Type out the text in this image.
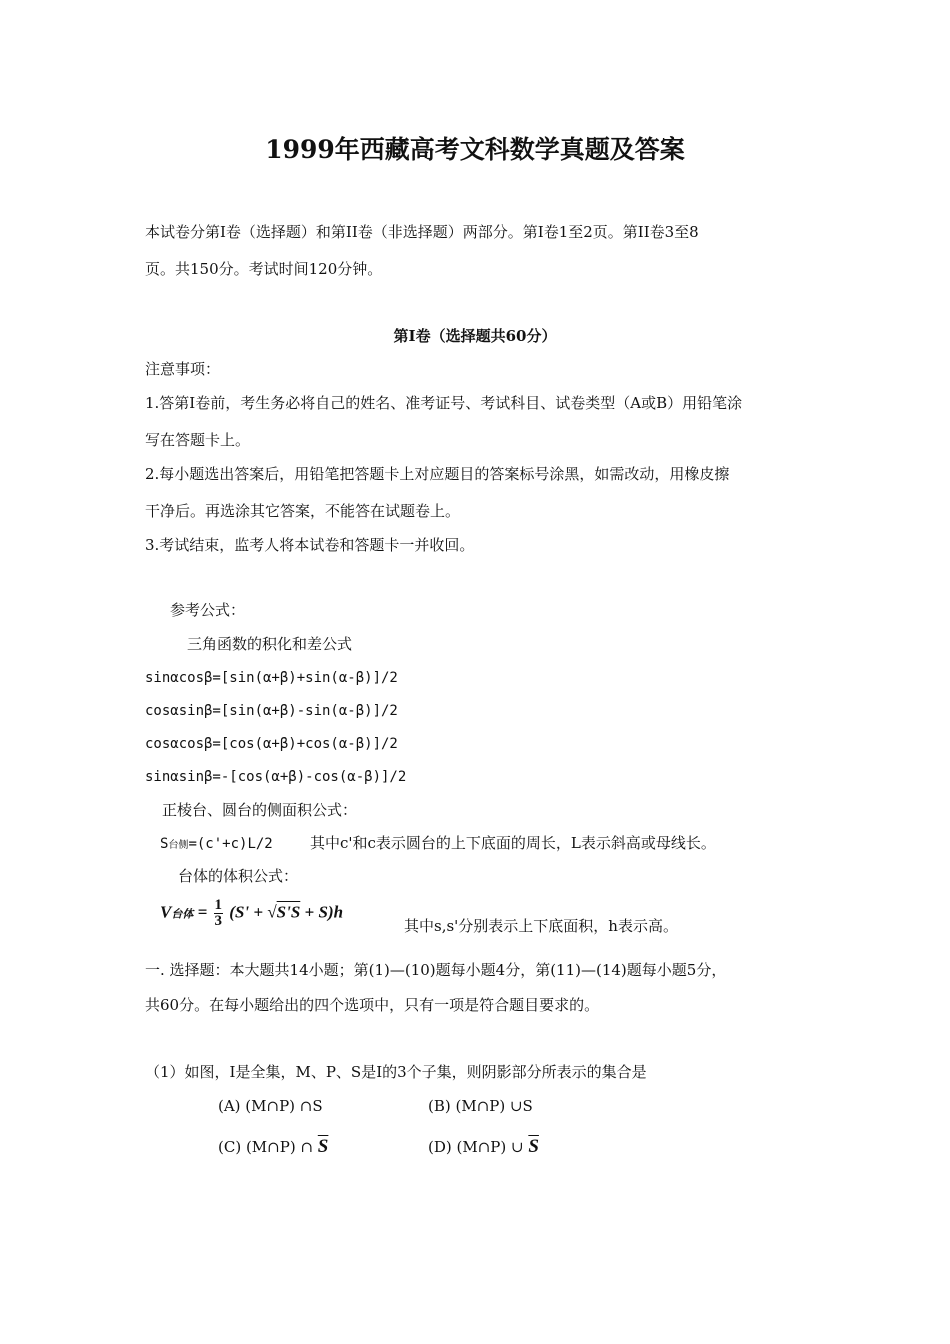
1999年西藏高考文科数学真题及答案
本试卷分第Ⅰ卷（选择题）和第II卷（非选择题）两部分。第Ⅰ卷1至2页。第II卷3至8
页。共150分。考试时间120分钟。
第Ⅰ卷（选择题共60分）
注意事项：
1.答第Ⅰ卷前，考生务必将自己的姓名、准考证号、考试科目、试卷类型（A或B）用铅笔涂
写在答题卡上。
2.每小题选出答案后，用铅笔把答题卡上对应题目的答案标号涂黑，如需改动，用橡皮擦
干净后。再选涂其它答案，不能答在试题卷上。
3.考试结束，监考人将本试卷和答题卡一并收回。
参考公式：
三角函数的积化和差公式
sinαcosβ=[sin(α+β)+sin(α-β)]/2
cosαsinβ=[sin(α+β)-sin(α-β)]/2
cosαcosβ=[cos(α+β)+cos(α-β)]/2
sinαsinβ=-[cos(α+β)-cos(α-β)]/2
正棱台、圆台的侧面积公式：
S台侧=(c'+c)L/2 其中c'和c表示圆台的上下底面的周长，L表示斜高或母线长。
台体的体积公式：
V台体 = $\frac{1}{3} (S' + √S'S + S)h$
其中s,s'分别表示上下底面积，h表示高。
一. 选择题：本大题共14小题；第(1)—(10)题每小题4分，第(11)—(14)题每小题5分，
共60分。在每小题给出的四个选项中，只有一项是符合题目要求的。
（1）如图，I是全集，M、P、S是I的3个子集，则阴影部分所表示的集合是
(A) (M∩P) ∩S	(B) (M∩P) ∪S
(C) (M∩P) ∩ $\overline{S}$	(D) (M∩P) ∪ $\overline{S}$
